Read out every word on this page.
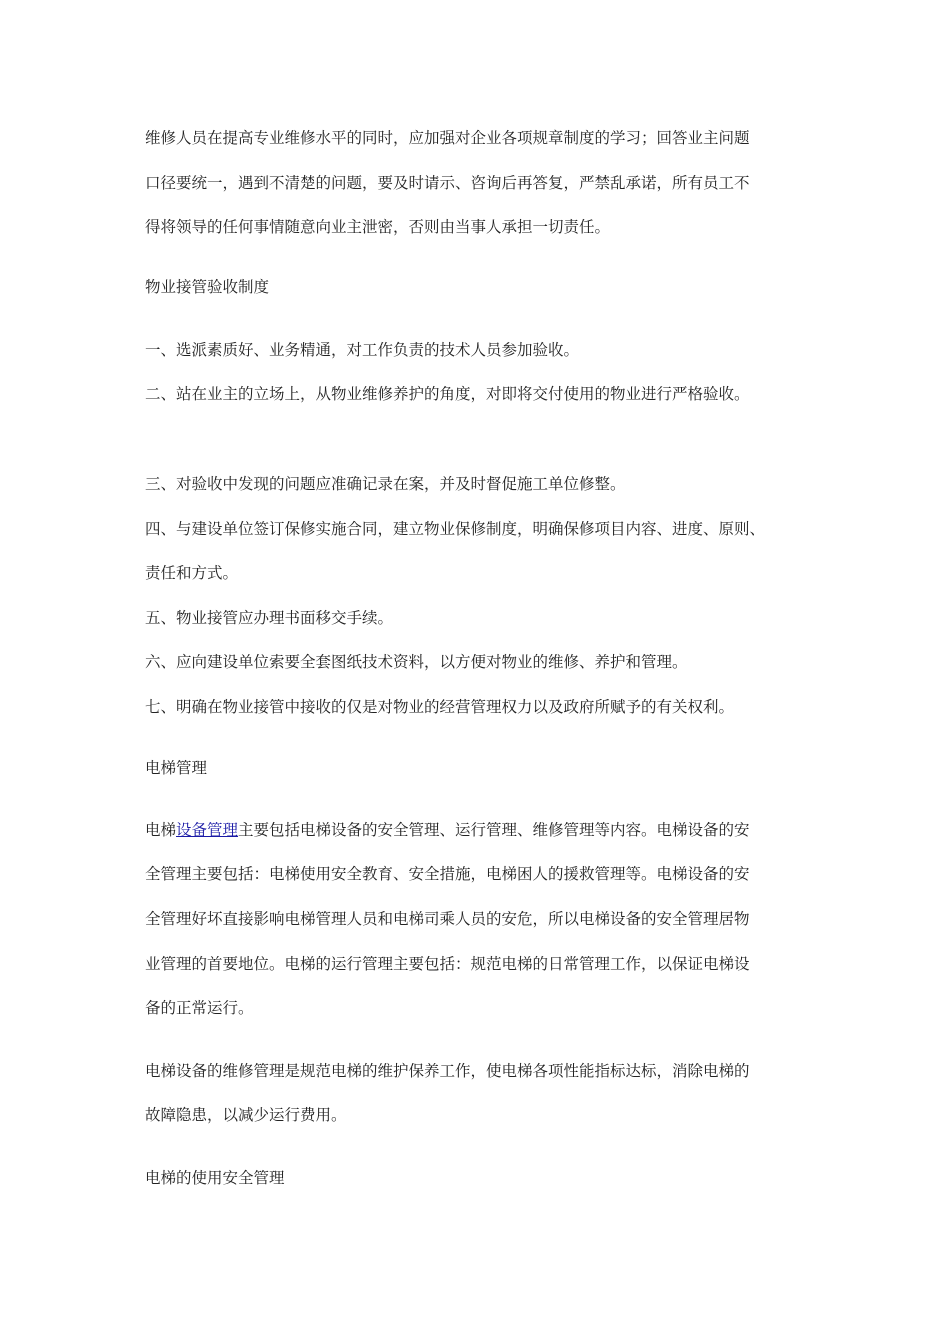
维修人员在提高专业维修水平的同时，应加强对企业各项规章制度的学习；回答业主问题
口径要统一，遇到不清楚的问题，要及时请示、咨询后再答复，严禁乱承诺，所有员工不
得将领导的任何事情随意向业主泄密，否则由当事人承担一切责任。
物业接管验收制度
一、选派素质好、业务精通，对工作负责的技术人员参加验收。
二、站在业主的立场上，从物业维修养护的角度，对即将交付使用的物业进行严格验收。
三、对验收中发现的问题应准确记录在案，并及时督促施工单位修整。
四、与建设单位签订保修实施合同，建立物业保修制度，明确保修项目内容、进度、原则、
责任和方式。
五、物业接管应办理书面移交手续。
六、应向建设单位索要全套图纸技术资料，以方便对物业的维修、养护和管理。
七、明确在物业接管中接收的仅是对物业的经营管理权力以及政府所赋予的有关权利。
电梯管理
电梯设备管理主要包括电梯设备的安全管理、运行管理、维修管理等内容。电梯设备的安
全管理主要包括：电梯使用安全教育、安全措施，电梯困人的援救管理等。电梯设备的安
全管理好坏直接影响电梯管理人员和电梯司乘人员的安危，所以电梯设备的安全管理居物
业管理的首要地位。电梯的运行管理主要包括：规范电梯的日常管理工作，以保证电梯设
备的正常运行。
电梯设备的维修管理是规范电梯的维护保养工作，使电梯各项性能指标达标，消除电梯的
故障隐患，以减少运行费用。
电梯的使用安全管理
